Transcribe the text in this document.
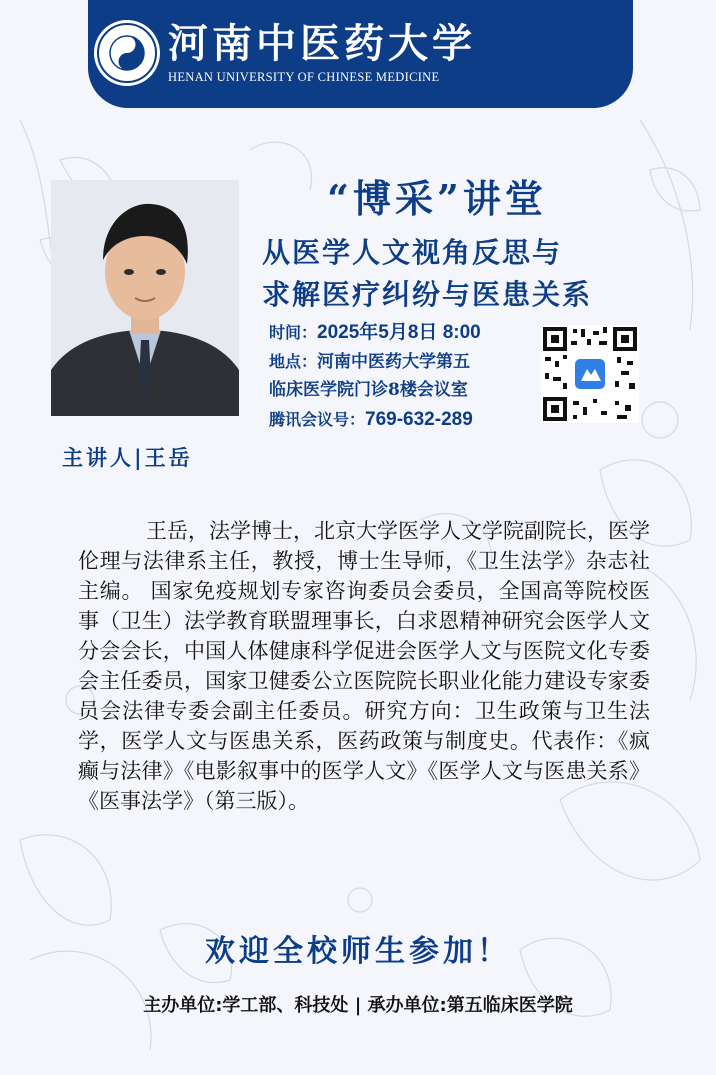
河南中医药大学
HENAN UNIVERSITY OF CHINESE MEDICINE
“博采”讲堂
从医学人文视角反思与
求解医疗纠纷与医患关系
时间：2025年5月8日 8:00
地点：河南中医药大学第五
临床医学院门诊8楼会议室
腾讯会议号：769-632-289
主讲人|王岳
王岳，法学博士，北京大学医学人文学院副院长，医学伦理与法律系主任，教授，博士生导师，《卫生法学》杂志社主编。 国家免疫规划专家咨询委员会委员，全国高等院校医事（卫生）法学教育联盟理事长，白求恩精神研究会医学人文分会会长，中国人体健康科学促进会医学人文与医院文化专委会主任委员，国家卫健委公立医院院长职业化能力建设专家委员会法律专委会副主任委员。研究方向：卫生政策与卫生法学，医学人文与医患关系，医药政策与制度史。代表作：《疯癫与法律》《电影叙事中的医学人文》《医学人文与医患关系》《医事法学》（第三版）。
欢迎全校师生参加！
主办单位:学工部、科技处 | 承办单位:第五临床医学院
